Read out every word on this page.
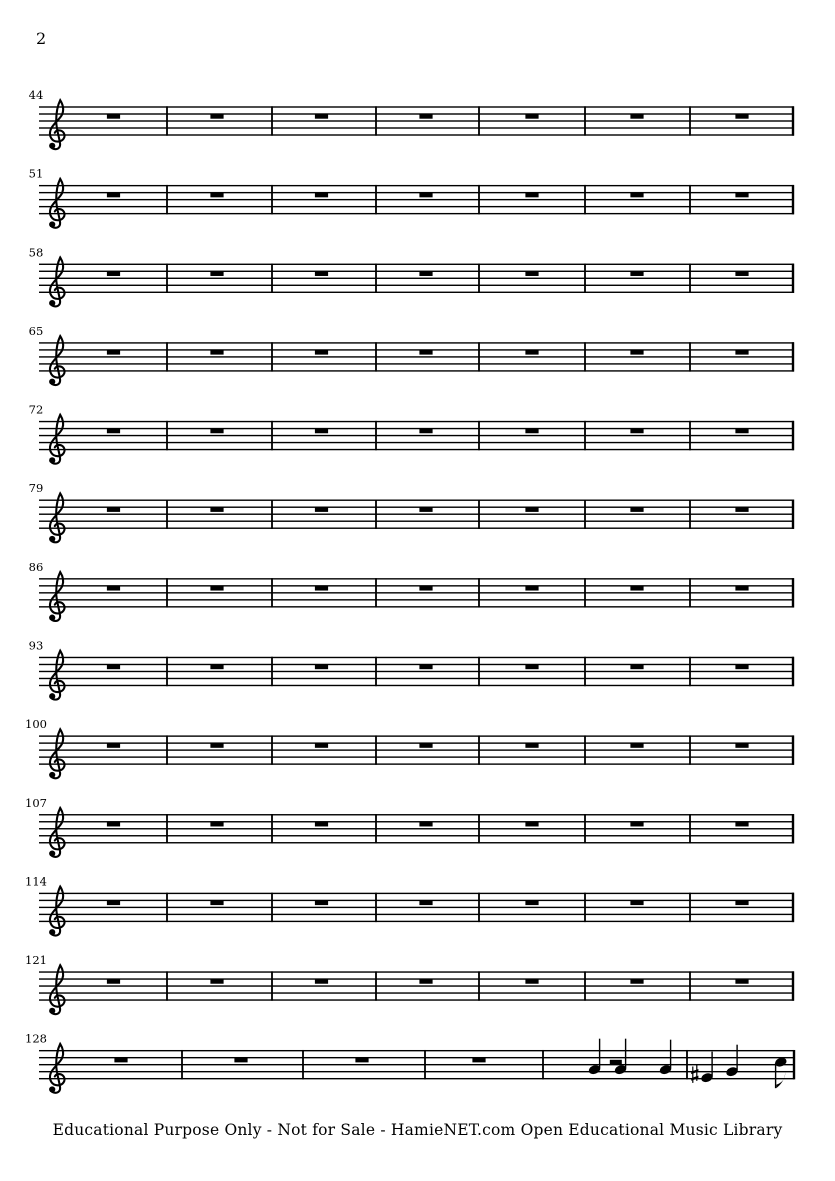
2
44
51
58
65
72
79
86
93
100
107
114
121
128
Educational Purpose Only - Not for Sale - HamieNET.com Open Educational Music Library
